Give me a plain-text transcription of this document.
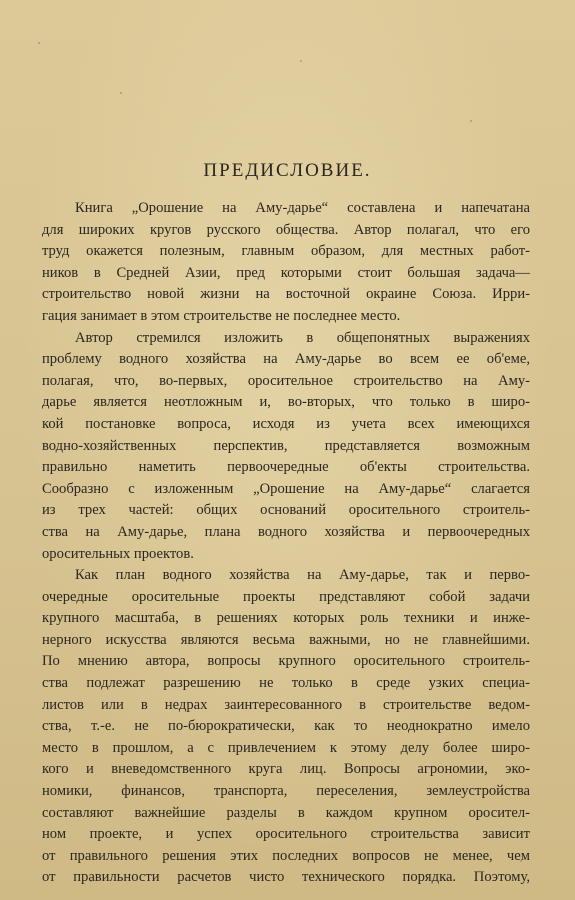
ПРЕДИСЛОВИЕ.
Книга „Орошение на Аму-дарье“ составлена и напечатана
для широких кругов русского общества. Автор полагал, что его
труд окажется полезным, главным образом, для местных работ-
ников в Средней Азии, пред которыми стоит большая задача—
строительство новой жизни на восточной окраине Союза. Ирри-
гация занимает в этом строительстве не последнее место.
Автор стремился изложить в общепонятных выражениях
проблему водного хозяйства на Аму-дарье во всем ее об'еме,
полагая, что, во-первых, оросительное строительство на Аму-
дарье является неотложным и, во-вторых, что только в широ-
кой постановке вопроса, исходя из учета всех имеющихся
водно-хозяйственных перспектив, представляется возможным
правильно наметить первоочередные об'екты строительства.
Сообразно с изложенным „Орошение на Аму-дарье“ слагается
из трех частей: общих оснований оросительного строитель-
ства на Аму-дарье, плана водного хозяйства и первоочередных
оросительных проектов.
Как план водного хозяйства на Аму-дарье, так и перво-
очередные оросительные проекты представляют собой задачи
крупного масштаба, в решениях которых роль техники и инже-
нерного искусства являются весьма важными, но не главнейшими.
По мнению автора, вопросы крупного оросительного строитель-
ства подлежат разрешению не только в среде узких специа-
листов или в недрах заинтересованного в строительстве ведом-
ства, т.-е. не по-бюрократически, как то неоднократно имело
место в прошлом, а с привлечением к этому делу более широ-
кого и вневедомственного круга лиц. Вопросы агрономии, эко-
номики, финансов, транспорта, переселения, землеустройства
составляют важнейшие разделы в каждом крупном оросител-
ном проекте, и успех оросительного строительства зависит
от правильного решения этих последних вопросов не менее, чем
от правильности расчетов чисто технического порядка. Поэтому,
